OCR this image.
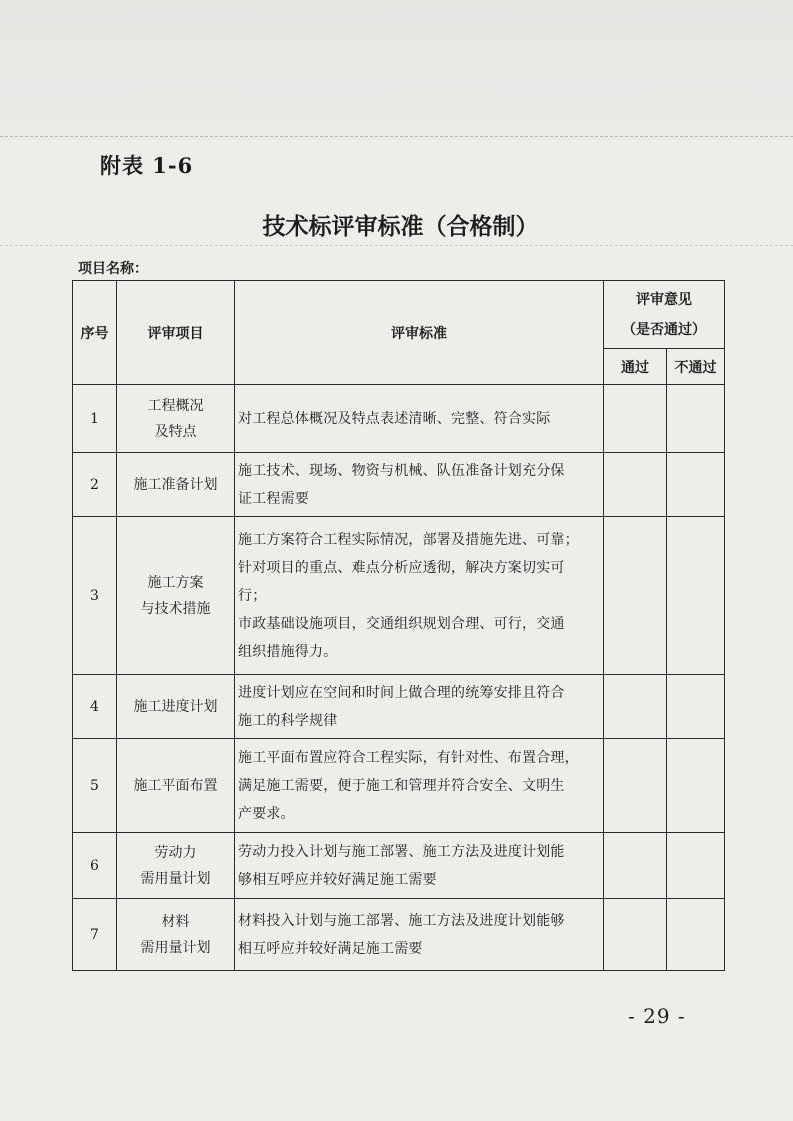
附表 1-6
技术标评审标准（合格制）
项目名称：
序号	评审项目	评审标准	评审意见
（是否通过）	

			通过	不通过
1	工程概况
及特点	对工程总体概况及特点表述清晰、完整、符合实际		

2	施工准备计划	施工技术、现场、物资与机械、队伍准备计划充分保
证工程需要		

3	施工方案
与技术措施	施工方案符合工程实际情况，部署及措施先进、可靠；
针对项目的重点、难点分析应透彻，解决方案切实可
行；
市政基础设施项目，交通组织规划合理、可行，交通
组织措施得力。		

4	施工进度计划	进度计划应在空间和时间上做合理的统筹安排且符合
施工的科学规律		

5	施工平面布置	施工平面布置应符合工程实际，有针对性、布置合理，
满足施工需要，便于施工和管理并符合安全、文明生
产要求。		

6	劳动力
需用量计划	劳动力投入计划与施工部署、施工方法及进度计划能
够相互呼应并较好满足施工需要		

7	材料
需用量计划	材料投入计划与施工部署、施工方法及进度计划能够
相互呼应并较好满足施工需要		

- 29 -
